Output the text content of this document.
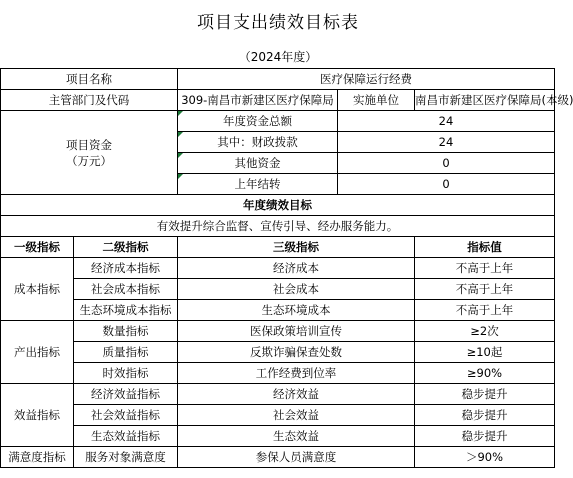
项目支出绩效目标表
（2024年度）
项目名称		医疗保障运行经费		
主管部门及代码		309-南昌市新建区医疗保障局	实施单位	南昌市新建区医疗保障局(本级)

项目资金
（万元）		年度资金总额	24	
		其中：财政拨款	24	
		其他资金	0	
		上年结转	0	
年度绩效目标				
有效提升综合监督、宣传引导、经办服务能力。				
一级指标	二级指标	三级指标		指标值
成本指标	经济成本指标	经济成本		不高于上年
	社会成本指标	社会成本		不高于上年
	生态环境成本指标	生态环境成本		不高于上年
产出指标	数量指标	医保政策培训宣传		≥2次
	质量指标	反欺诈骗保查处数		≥10起
	时效指标	工作经费到位率		≥90%
效益指标	经济效益指标	经济效益		稳步提升
	社会效益指标	社会效益		稳步提升
	生态效益指标	生态效益		稳步提升
满意度指标	服务对象满意度	参保人员满意度		＞90%
